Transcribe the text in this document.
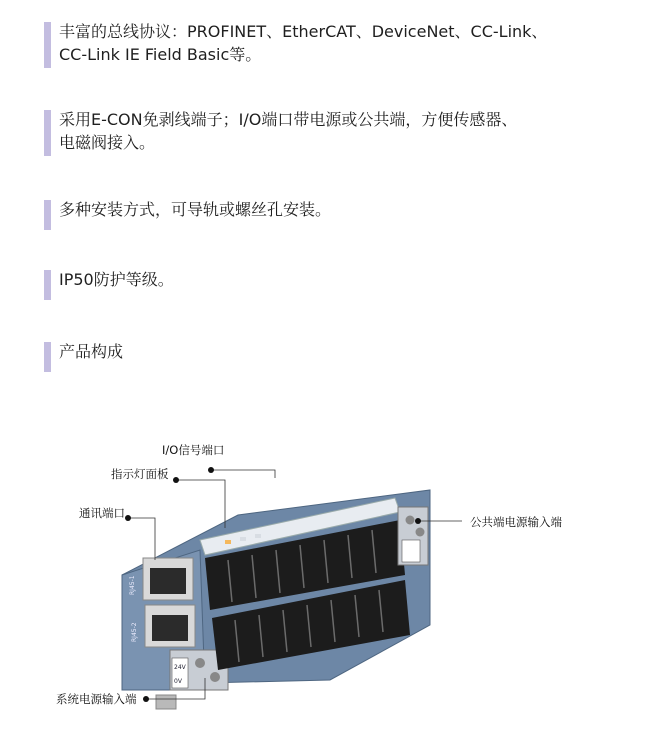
丰富的总线协议：PROFINET、EtherCAT、DeviceNet、CC-Link、
CC-Link IE Field Basic等。
采用E-CON免剥线端子；I/O端口带电源或公共端，方便传感器、
电磁阀接入。
多种安装方式，可导轨或螺丝孔安装。
IP50防护等级。
产品构成
RJ45-1
RJ45-2
24V
0V
PN-8008-1306-8
I/O信号端口
指示灯面板
通讯端口
公共端电源输入端
系统电源输入端
